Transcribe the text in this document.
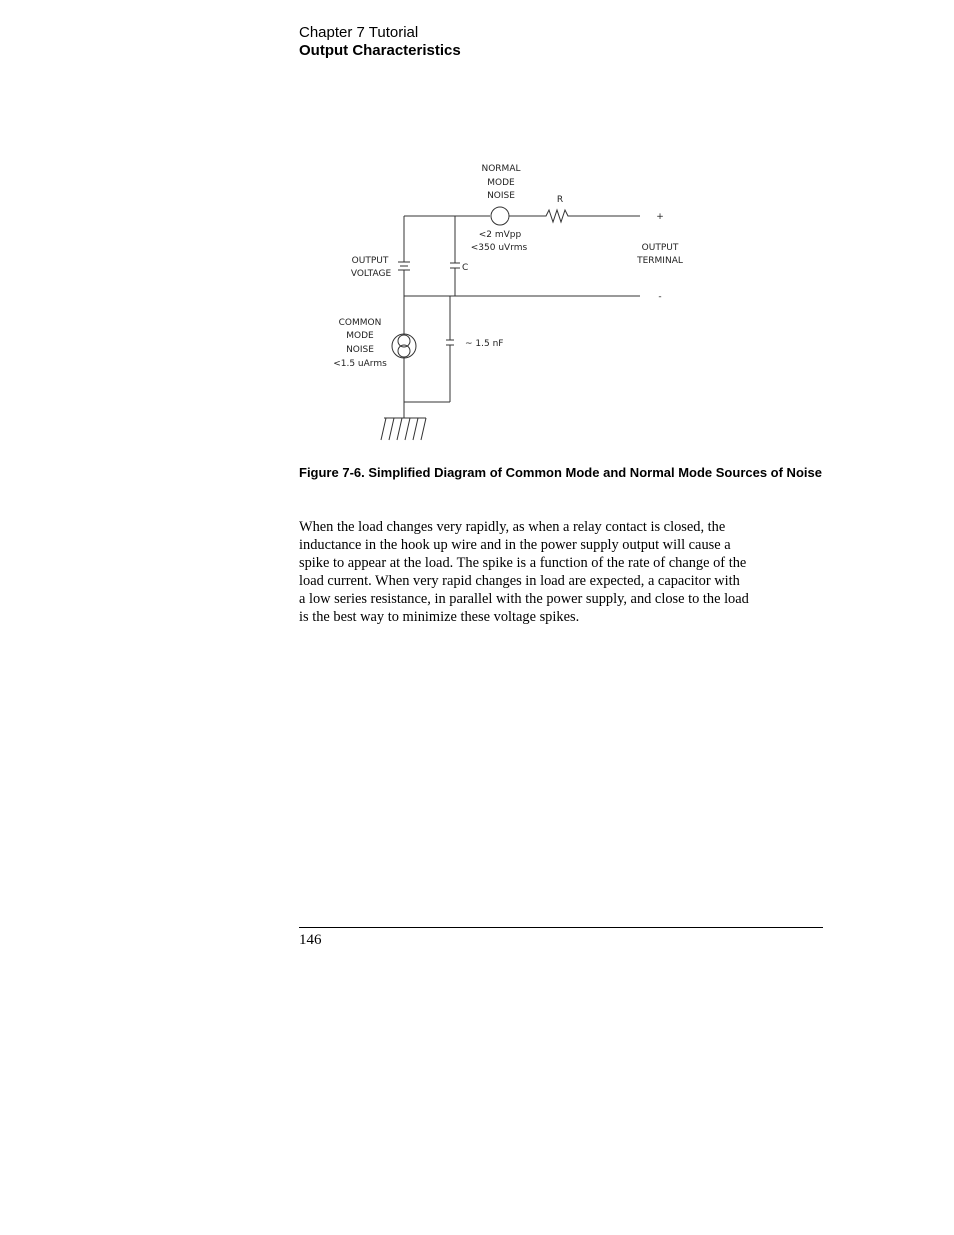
Chapter 7 Tutorial
Output Characteristics
NORMAL
MODE
NOISE	R
<2 mVpp
<350 uVrms
+
-
OUTPUT
TERMINAL
OUTPUT
VOLTAGE
C
COMMON
MODE
NOISE
<1.5 uArms
~ 1.5 nF
Figure 7-6. Simplified Diagram of Common Mode and Normal Mode Sources of Noise
When the load changes very rapidly, as when a relay contact is closed, the
inductance in the hook up wire and in the power supply output will cause a
spike to appear at the load. The spike is a function of the rate of change of the
load current. When very rapid changes in load are expected, a capacitor with
a low series resistance, in parallel with the power supply, and close to the load
is the best way to minimize these voltage spikes.
146
